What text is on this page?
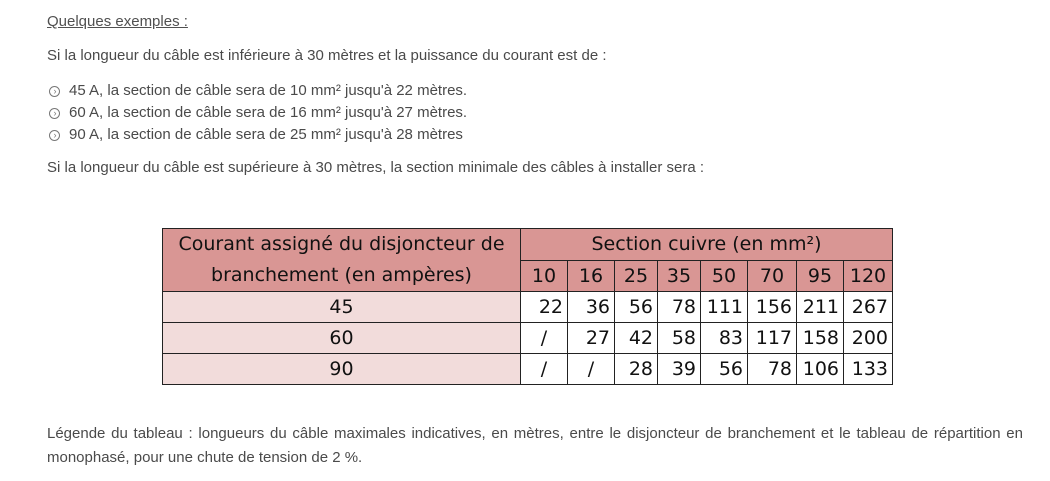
Quelques exemples :
Si la longueur du câble est inférieure à 30 mètres et la puissance du courant est de :
› 45 A, la section de câble sera de 10 mm² jusqu'à 22 mètres.
› 60 A, la section de câble sera de 16 mm² jusqu'à 27 mètres.
› 90 A, la section de câble sera de 25 mm² jusqu'à 28 mètres
Si la longueur du câble est supérieure à 30 mètres, la section minimale des câbles à installer sera :
Courant assigné du disjoncteur de branchement (en ampères)	Section cuivre (en mm²)							
	10	16	25	35	50	70	95	120
45	22	36	56	78	111	156	211	267
60	/	27	42	58	83	117	158	200
90	/	/	28	39	56	78	106	133
Légende du tableau : longueurs du câble maximales indicatives, en mètres, entre le disjoncteur de branchement et le tableau de répartition en monophasé, pour une chute de tension de 2 %.
